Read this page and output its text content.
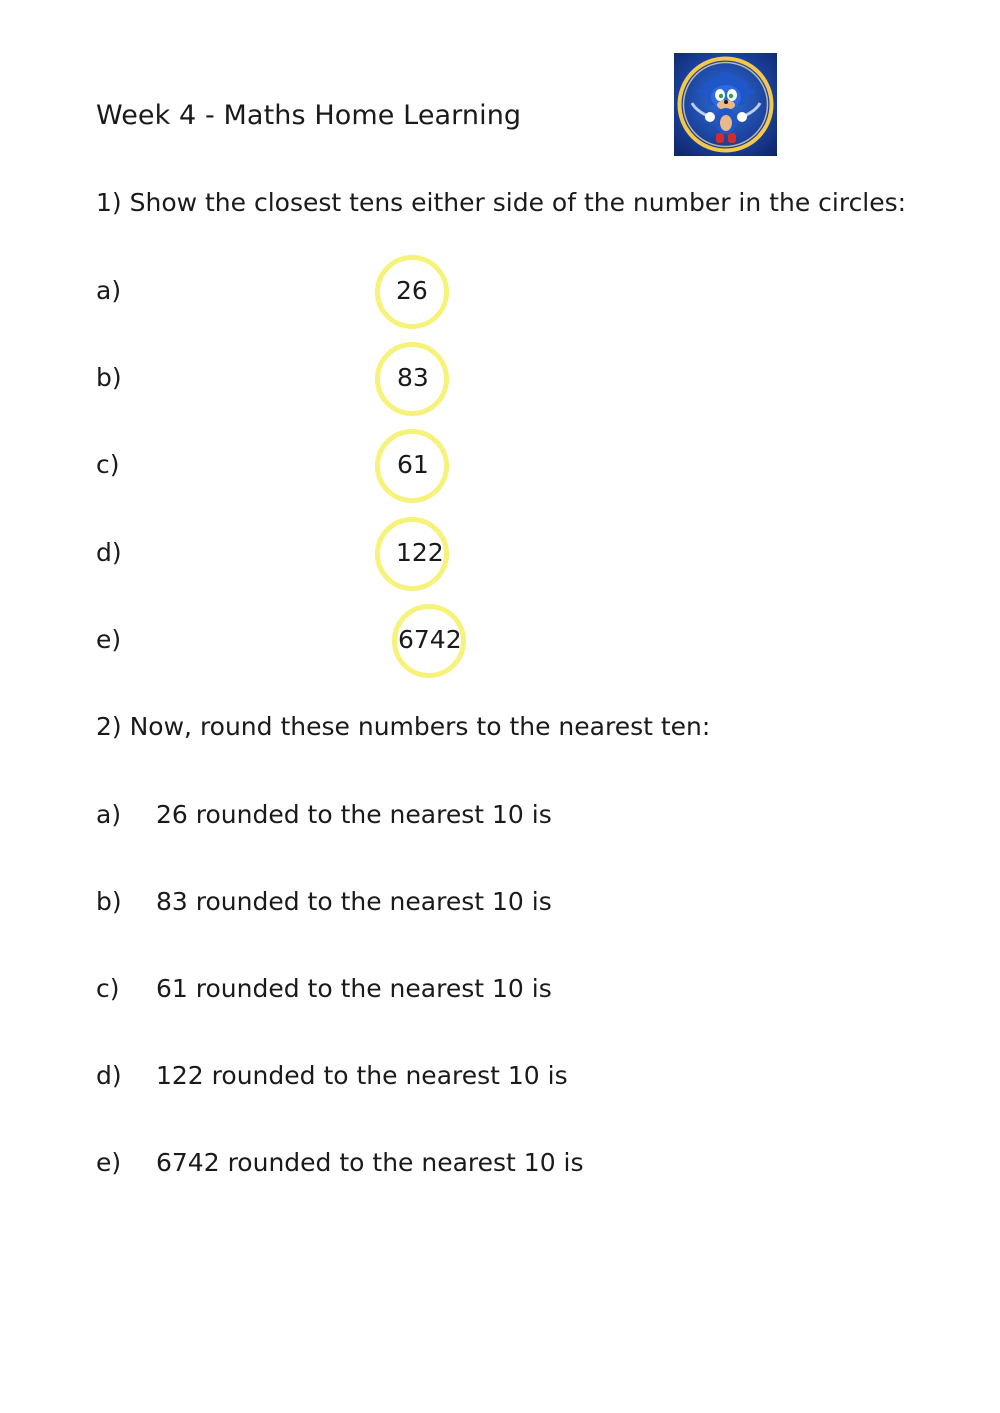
Week 4 - Maths Home Learning
1) Show the closest tens either side of the number in the circles:
a)	26
b)	83
c)	61
d)	122
e)	6742
2) Now, round these numbers to the nearest ten:
a) 26 rounded to the nearest 10 is
b) 83 rounded to the nearest 10 is
c) 61 rounded to the nearest 10 is
d) 122 rounded to the nearest 10 is
e) 6742 rounded to the nearest 10 is
